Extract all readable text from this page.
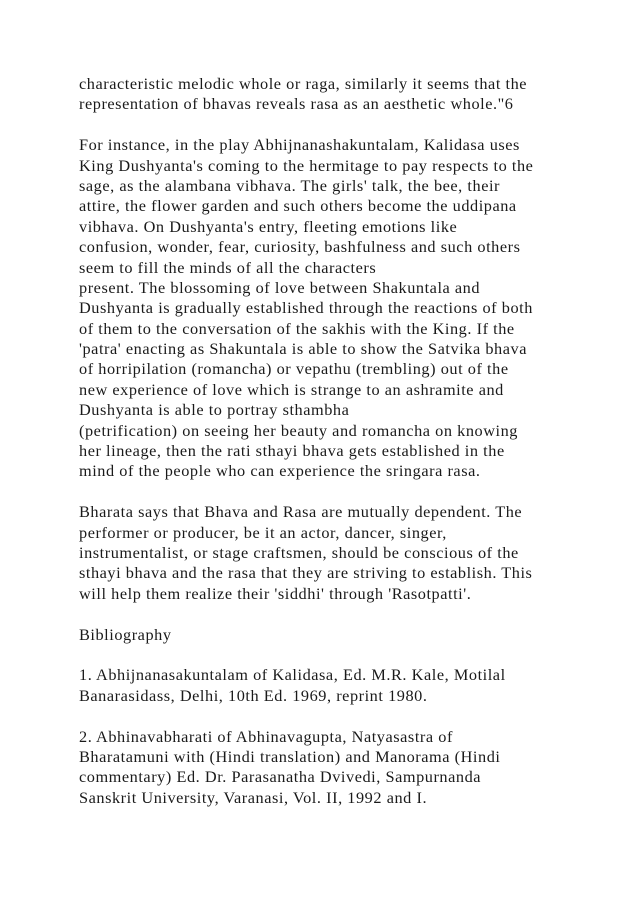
characteristic melodic whole or raga, similarly it seems that the
representation of bhavas reveals rasa as an aesthetic whole."6
For instance, in the play Abhijnanashakuntalam, Kalidasa uses
King Dushyanta's coming to the hermitage to pay respects to the
sage, as the alambana vibhava. The girls' talk, the bee, their
attire, the flower garden and such others become the uddipana
vibhava. On Dushyanta's entry, fleeting emotions like
confusion, wonder, fear, curiosity, bashfulness and such others
seem to fill the minds of all the characters
present. The blossoming of love between Shakuntala and
Dushyanta is gradually established through the reactions of both
of them to the conversation of the sakhis with the King. If the
'patra' enacting as Shakuntala is able to show the Satvika bhava
of horripilation (romancha) or vepathu (trembling) out of the
new experience of love which is strange to an ashramite and
Dushyanta is able to portray sthambha
(petrification) on seeing her beauty and romancha on knowing
her lineage, then the rati sthayi bhava gets established in the
mind of the people who can experience the sringara rasa.
Bharata says that Bhava and Rasa are mutually dependent. The
performer or producer, be it an actor, dancer, singer,
instrumentalist, or stage craftsmen, should be conscious of the
sthayi bhava and the rasa that they are striving to establish. This
will help them realize their 'siddhi' through 'Rasotpatti'.
Bibliography
1. Abhijnanasakuntalam of Kalidasa, Ed. M.R. Kale, Motilal
Banarasidass, Delhi, 10th Ed. 1969, reprint 1980.
2. Abhinavabharati of Abhinavagupta, Natyasastra of
Bharatamuni with (Hindi translation) and Manorama (Hindi
commentary) Ed. Dr. Parasanatha Dvivedi, Sampurnanda
Sanskrit University, Varanasi, Vol. II, 1992 and I.
